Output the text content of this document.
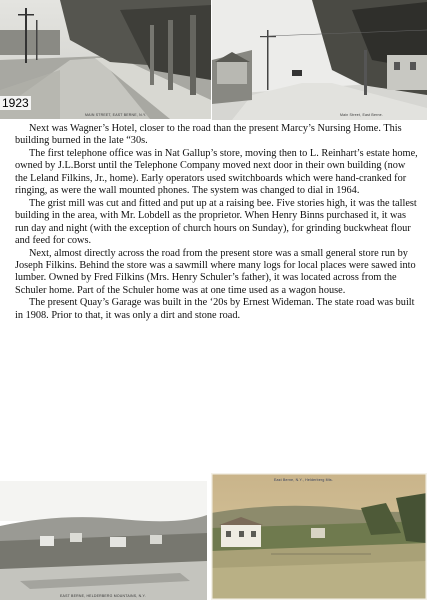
MAIN STREET, EAST BERNE, N.Y.	Main Street, East Berne.
1923

Next was Wagner’s Hotel, closer to the road than the present Marcy’s Nursing Home. This building burned in the late “30s.

The first telephone office was in Nat Gallup’s store, moving then to L. Reinhart’s estate home, owned by J.L.Borst until the Telephone Company moved next door in their own building (now the Leland Filkins, Jr., home). Early operators used switchboards which were hand-cranked for ringing, as were the wall mounted phones. The system was changed to dial in 1964.

The grist mill was cut and fitted and put up at a raising bee. Five stories high, it was the tallest building in the area, with Mr. Lobdell as the proprietor. When Henry Binns purchased it, it was run day and night (with the exception of church hours on Sunday), for grinding buckwheat flour and feed for cows.

Next, almost directly across the road from the present store was a small general store run by Joseph Filkins. Behind the store was a sawmill where many logs for local places were sawed into lumber. Owned by Fred Filkins (Mrs. Henry Schuler’s father), it was located across from the Schuler home. Part of the Schuler home was at one time used as a wagon house.

The present Quay’s Garage was built in the ‘20s by Ernest Wideman. The state road was built in 1908. Prior to that, it was only a dirt and stone road.

EAST BERNE, HELDERBERG MOUNTAINS, N.Y.
East Berne, N.Y., Helderberg Mts.
